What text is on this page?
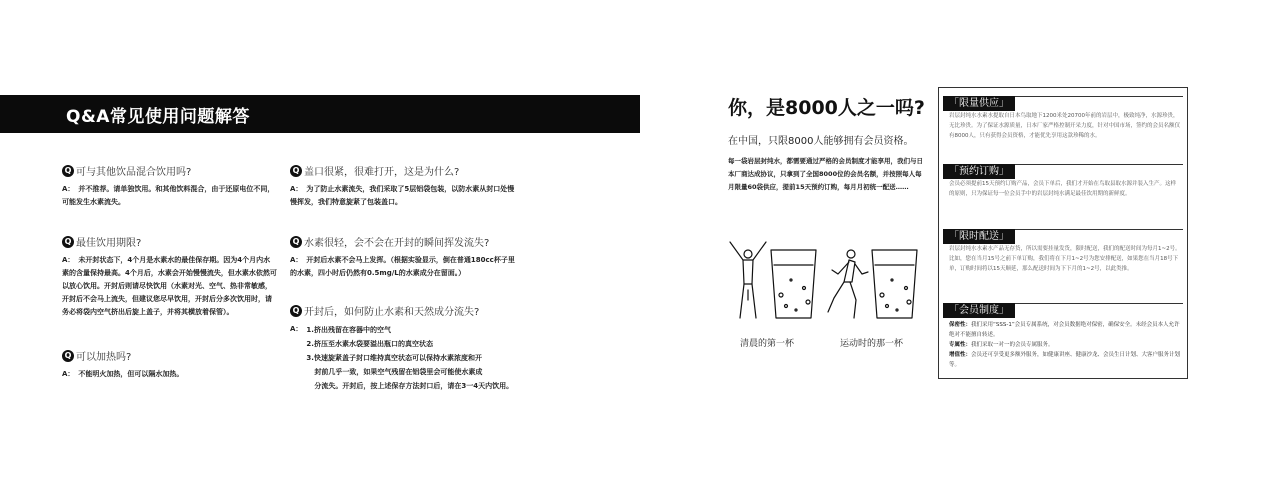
Q&A常见使用问题解答
Q 可与其他饮品混合饮用吗?
A： 并不推荐。请单独饮用。和其他饮料混合，由于还原电位不同，可能发生水素流失。
Q 最佳饮用期限?
A： 未开封状态下，4个月是水素水的最佳保存期。因为4个月内水素的含量保持最高。4个月后，水素会开始慢慢流失，但水素水依然可以放心饮用。开封后则请尽快饮用（水素对光、空气、热非常敏感，开封后不会马上流失，但建议您尽早饮用，开封后分多次饮用时，请务必将袋内空气挤出后旋上盖子，并将其横放着保管）。
Q 可以加热吗?
A： 不能明火加热，但可以隔水加热。
Q 盖口很紧，很难打开，这是为什么?
A： 为了防止水素流失，我们采取了5层铝袋包装，以防水素从封口处慢慢挥发，我们特意旋紧了包装盖口。
Q 水素很轻，会不会在开封的瞬间挥发流失?
A： 开封后水素不会马上发挥。（根据实验显示，倒在普通180cc杯子里的水素，四小时后仍然有0.5mg/L的水素成分在留面。）
Q 开封后，如何防止水素和天然成分流失?
A： 1.挤出残留在容器中的空气
2.挤压至水素水袋要溢出瓶口的真空状态
3.快速旋紧盖子封口维持真空状态可以保持水素浓度和开
封前几乎一致，如果空气残留在铝袋里会可能使水素成
分流失。开封后，按上述保存方法封口后，请在3一4天内饮用。
你，是8000人之一吗?
在中国，只限8000人能够拥有会员资格。
每一袋岩层封纯水，都需要通过严格的会员制度才能享用，我们与日本厂商达成协议，只拿到了全国8000位的会员名额，并按照每人每月限量60袋供应，提前15天预约订购，每月月初统一配送……
清晨的第一杯	运动时的那一杯
「限量供应」
岩层封纯水水素水提取自日本鸟取地下1200米处20700年前的岩层中，极致纯净，水源珍贵，无比珍贵。为了保证水源质量，日本厂家严格控制开采力度，针对中国市场，签约的会员名额仅有8000人，只有获得会员资格，才能优先享用这款珍稀的水。
「预约订购」
会员必须提前15天预约订购产品，会员下单后，我们才开始在鸟取县取水源并装入生产。这样的原则，只为保证每一位会员手中的岩层封纯水满足最佳饮用期的新鲜度。
「限时配送」
岩层封纯水水素水产品无存货，所以需要挂量发货，限时配送，我们的配送时间为每月1~2号。比如，您在当月15号之前下单订购，我们将在下月1~2号为您安排配送，如果您在当月18号下单，订购时间将以15天顺延，那么配送时间为下下月的1~2号，以此类推。
「会员制度」
保密性：我们采用“SSS-1”会员专属系统，对会员数据绝对保密，确保安全。未经会员本人允许绝对不能擅自转述。
专属性：我们采取一对一的会员专属服务。
增值性：会员还可享受更多额外服务，如健康讲座、健康沙龙、会员生日计划、大客户服务计划等。
